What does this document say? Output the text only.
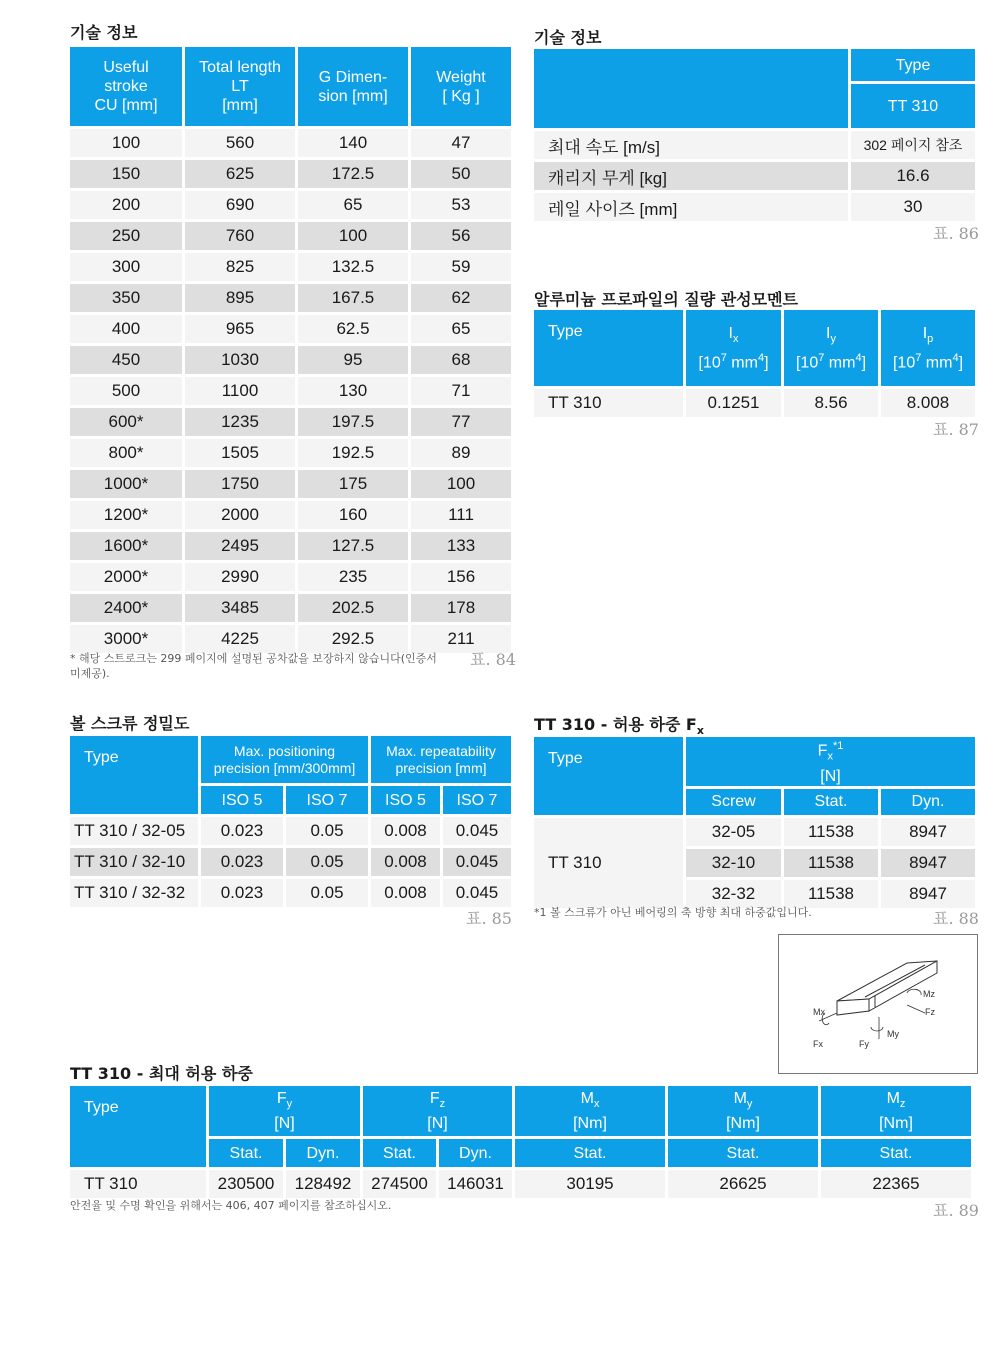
기술 정보
Useful
stroke
CU [mm]	Total length
LT
[mm]	G Dimen-
sion [mm]	Weight
[ Kg ]

100	560	140	47
150	625	172.5	50
200	690	65	53
250	760	100	56
300	825	132.5	59
350	895	167.5	62
400	965	62.5	65
450	1030	95	68
500	1100	130	71
600*	1235	197.5	77
800*	1505	192.5	89
1000*	1750	175	100
1200*	2000	160	111
1600*	2495	127.5	133
2000*	2990	235	156
2400*	3485	202.5	178
3000*	4225	292.5	211
* 해당 스트로크는 299 페이지에 설명된 공차값을 보장하지 않습니다(인증서 미제공).
표. 84
기술 정보
	Type
	TT 310
최대 속도 [m/s]	302 페이지 참조
캐리지 무게 [kg]	16.6
레일 사이즈 [mm]	30
표. 86
알루미늄 프로파일의 질량 관성모멘트
Type	$I_x$
[$10^7$ $mm^4$]	$I_y$
[$10^7$ $mm^4$]	$I_p$
[$10^7$ $mm^4$]

TT 310	0.1251	8.56	8.008
표. 87
볼 스크류 정밀도
Type	Max. positioning
precision [mm/300mm]		Max. repeatability
precision [mm]	

	ISO 5	ISO 7	ISO 5	ISO 7
TT 310 / 32-05	0.023	0.05	0.008	0.045
TT 310 / 32-10	0.023	0.05	0.008	0.045
TT 310 / 32-32	0.023	0.05	0.008	0.045
표. 85
TT 310 - 허용 하중 $F_x$
Type	$F_x^{*1}$
[N]		

	Screw	Stat.	Dyn.
TT 310	32-05	11538	8947
	32-10	11538	8947
	32-32	11538	8947
*1 볼 스크류가 아닌 베어링의 축 방향 최대 하중값입니다.	표. 88
Mz
Fz
Mx
My
Fx	Fy
TT 310 - 최대 허용 하중
Type	$F_y$
[N]		$F_z$
[N]		$M_x$
[Nm]	$M_y$
[Nm]	$M_z$
[Nm]

	Stat.	Dyn.	Stat.	Dyn.	Stat.	Stat.	Stat.
TT 310	230500	128492	274500	146031	30195	26625	22365
안전율 및 수명 확인을 위해서는 406, 407 페이지를 참조하십시오.	표. 89
